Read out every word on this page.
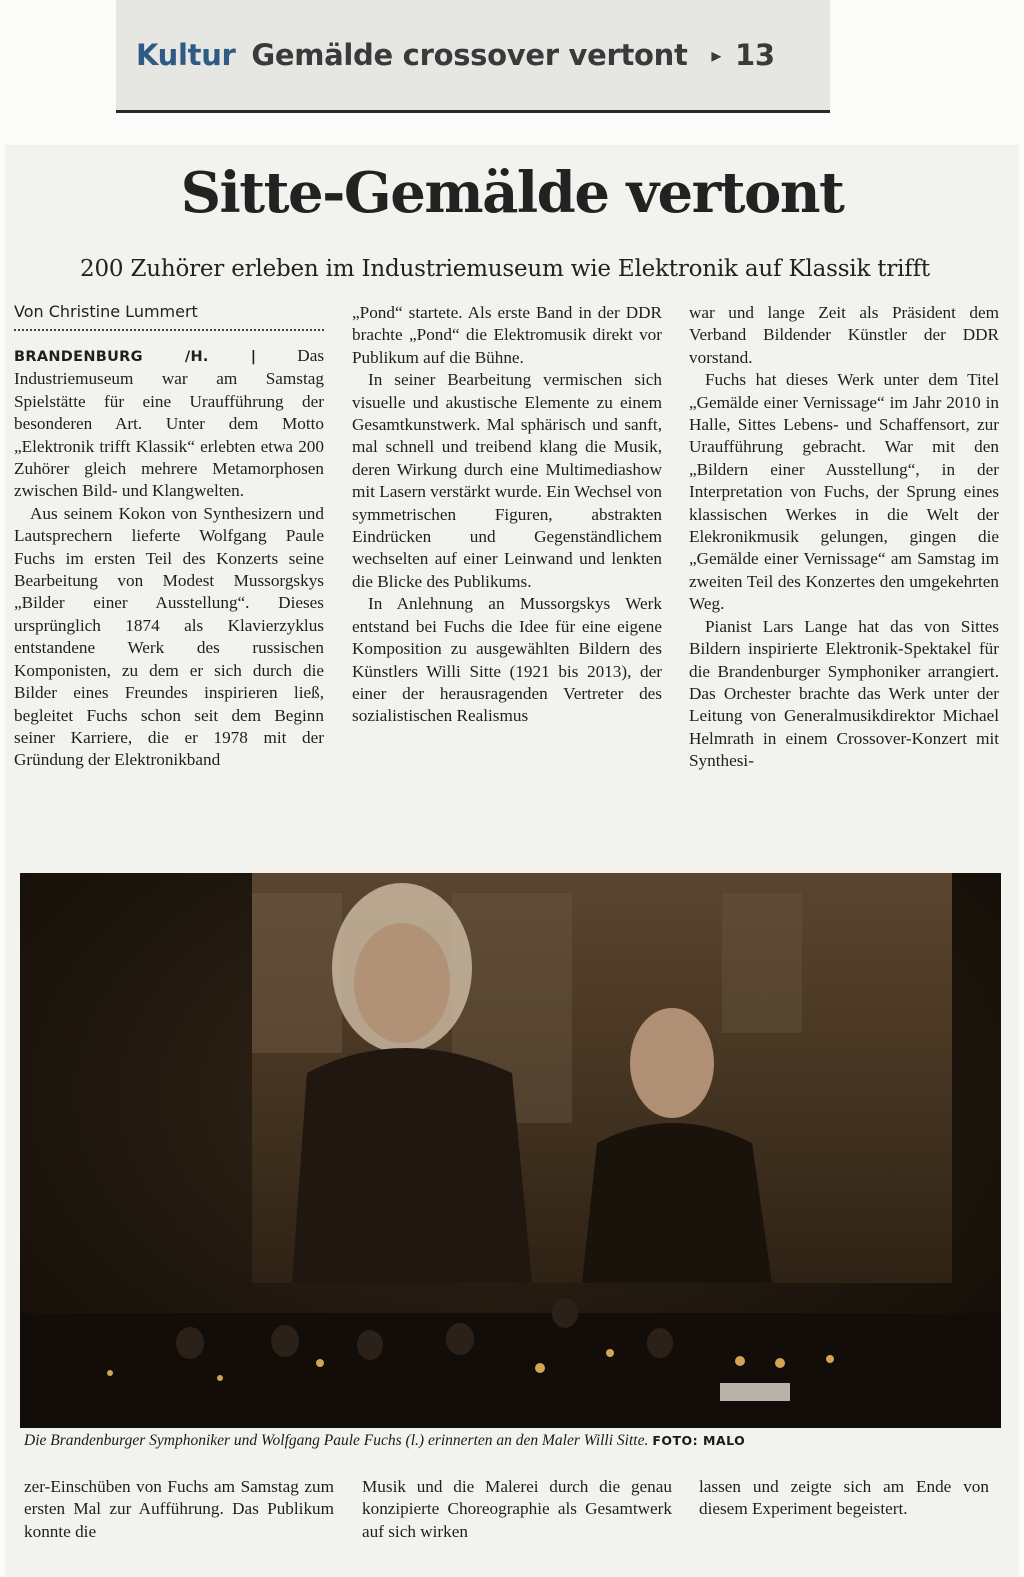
Kultur Gemälde crossover vertont ▸ 13
Sitte-Gemälde vertont
200 Zuhörer erleben im Industriemuseum wie Elektronik auf Klassik trifft
Von Christine Lummert

BRANDENBURG /H. | Das Industriemuseum war am Samstag Spielstätte für eine Uraufführung der besonderen Art. Unter dem Motto „Elektronik trifft Klassik“ erlebten etwa 200 Zuhörer gleich mehrere Metamorphosen zwischen Bild- und Klangwelten.

Aus seinem Kokon von Synthesizern und Lautsprechern lieferte Wolfgang Paule Fuchs im ersten Teil des Konzerts seine Bearbeitung von Modest Mussorgskys „Bilder einer Ausstellung“. Dieses ursprünglich 1874 als Klavierzyklus entstandene Werk des russischen Komponisten, zu dem er sich durch die Bilder eines Freundes inspirieren ließ, begleitet Fuchs schon seit dem Beginn seiner Karriere, die er 1978 mit der Gründung der Elektronikband

„Pond“ startete. Als erste Band in der DDR brachte „Pond“ die Elektromusik direkt vor Publikum auf die Bühne.

In seiner Bearbeitung vermischen sich visuelle und akustische Elemente zu einem Gesamtkunstwerk. Mal sphärisch und sanft, mal schnell und treibend klang die Musik, deren Wirkung durch eine Multimediashow mit Lasern verstärkt wurde. Ein Wechsel von symmetrischen Figuren, abstrakten Eindrücken und Gegenständlichem wechselten auf einer Leinwand und lenkten die Blicke des Publikums.

In Anlehnung an Mussorgskys Werk entstand bei Fuchs die Idee für eine eigene Komposition zu ausgewählten Bildern des Künstlers Willi Sitte (1921 bis 2013), der einer der herausragenden Vertreter des sozialistischen Realismus

war und lange Zeit als Präsident dem Verband Bildender Künstler der DDR vorstand.

Fuchs hat dieses Werk unter dem Titel „Gemälde einer Vernissage“ im Jahr 2010 in Halle, Sittes Lebens- und Schaffensort, zur Uraufführung gebracht. War mit den „Bildern einer Ausstellung“, in der Interpretation von Fuchs, der Sprung eines klassischen Werkes in die Welt der Elekronikmusik gelungen, gingen die „Gemälde einer Vernissage“ am Samstag im zweiten Teil des Konzertes den umgekehrten Weg.

Pianist Lars Lange hat das von Sittes Bildern inspirierte Elektronik-Spektakel für die Brandenburger Symphoniker arrangiert. Das Orchester brachte das Werk unter der Leitung von Generalmusikdirektor Michael Helmrath in einem Crossover-Konzert mit Synthesi-

Die Brandenburger Symphoniker und Wolfgang Paule Fuchs (l.) erinnerten an den Maler Willi Sitte. FOTO: MALO

zer-Einschüben von Fuchs am Samstag zum ersten Mal zur Aufführung. Das Publikum konnte die

Musik und die Malerei durch die genau konzipierte Choreographie als Gesamtwerk auf sich wirken

lassen und zeigte sich am Ende von diesem Experiment begeistert.
